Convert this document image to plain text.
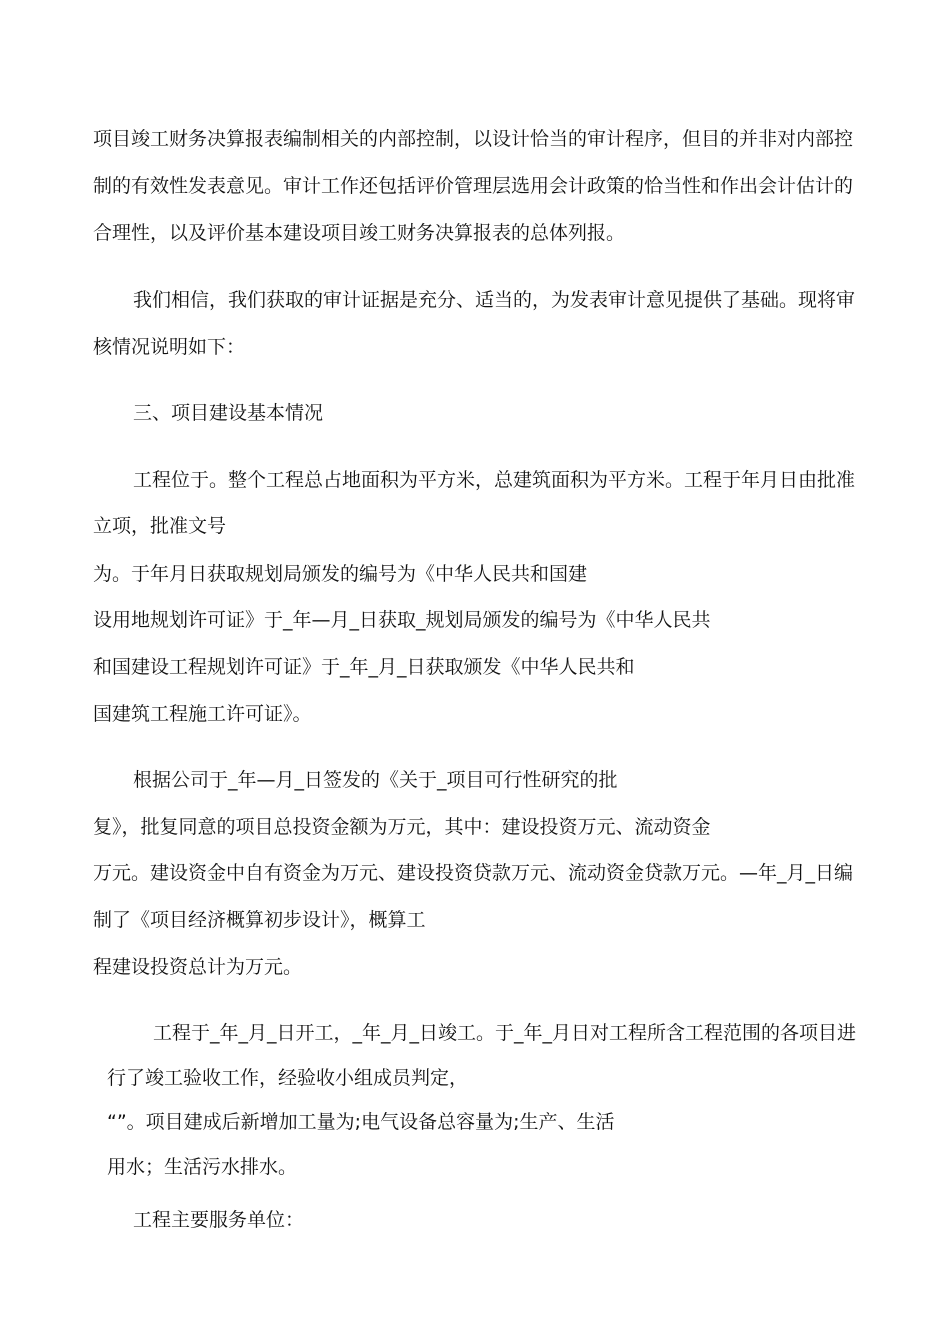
项目竣工财务决算报表编制相关的内部控制，以设计恰当的审计程序，但目的并非对内部控

制的有效性发表意见。审计工作还包括评价管理层选用会计政策的恰当性和作出会计估计的

合理性，以及评价基本建设项目竣工财务决算报表的总体列报。

我们相信，我们获取的审计证据是充分、适当的，为发表审计意见提供了基础。现将审

核情况说明如下：

三、项目建设基本情况

工程位于。整个工程总占地面积为平方米，总建筑面积为平方米。工程于年月日由批准

立项，批准文号

为。于年月日获取规划局颁发的编号为《中华人民共和国建

设用地规划许可证》于_年—月_日获取_规划局颁发的编号为《中华人民共

和国建设工程规划许可证》于_年_月_日获取颁发《中华人民共和

国建筑工程施工许可证》。

根据公司于_年—月_日签发的《关于_项目可行性研究的批

复》，批复同意的项目总投资金额为万元，其中：建设投资万元、流动资金

万元。建设资金中自有资金为万元、建设投资贷款万元、流动资金贷款万元。—年_月_日编

制了《项目经济概算初步设计》，概算工

程建设投资总计为万元。

工程于_年_月_日开工，_年_月_日竣工。于_年_月日对工程所含工程范围的各项目进

行了竣工验收工作，经验收小组成员判定，

“”。项目建成后新增加工量为;电气设备总容量为;生产、生活

用水；生活污水排水。

工程主要服务单位：
